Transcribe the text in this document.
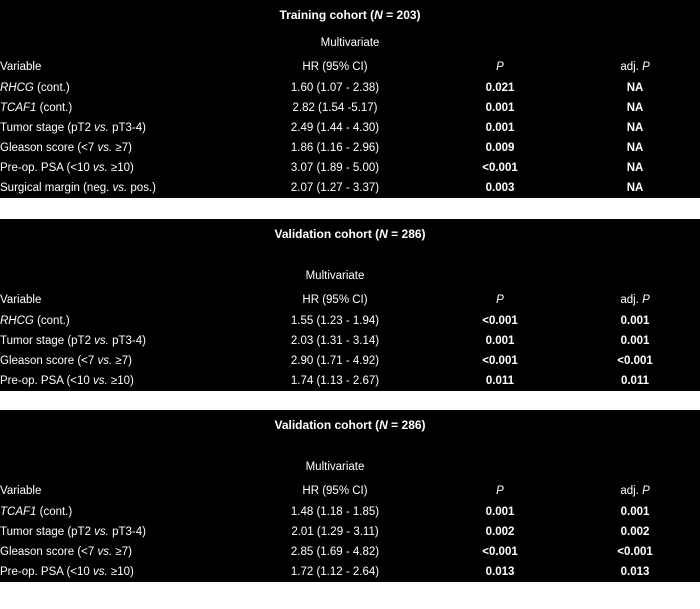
Training cohort (N = 203)			
Multivariate			
Variable	HR (95% CI)	P	adj. P
RHCG (cont.)	1.60 (1.07 - 2.38)	0.021	NA
TCAF1 (cont.)	2.82 (1.54 -5.17)	0.001	NA
Tumor stage (pT2 vs. pT3-4)	2.49 (1.44 - 4.30)	0.001	NA
Gleason score (<7 vs. ≥7)	1.86 (1.16 - 2.96)	0.009	NA
Pre-op. PSA (<10 vs. ≥10)	3.07 (1.89 - 5.00)	<0.001	NA
Surgical margin (neg. vs. pos.)	2.07 (1.27 - 3.37)	0.003	NA
Validation cohort (N = 286)			

	Multivariate		
Variable	HR (95% CI)	P	adj. P
RHCG (cont.)	1.55 (1.23 - 1.94)	<0.001	0.001
Tumor stage (pT2 vs. pT3-4)	2.03 (1.31 - 3.14)	0.001	0.001
Gleason score (<7 vs. ≥7)	2.90 (1.71 - 4.92)	<0.001	<0.001
Pre-op. PSA (<10 vs. ≥10)	1.74 (1.13 - 2.67)	0.011	0.011
Validation cohort (N = 286)			

	Multivariate		
Variable	HR (95% CI)	P	adj. P
TCAF1 (cont.)	1.48 (1.18 - 1.85)	0.001	0.001
Tumor stage (pT2 vs. pT3-4)	2.01 (1.29 - 3.11)	0.002	0.002
Gleason score (<7 vs. ≥7)	2.85 (1.69 - 4.82)	<0.001	<0.001
Pre-op. PSA (<10 vs. ≥10)	1.72 (1.12 - 2.64)	0.013	0.013
